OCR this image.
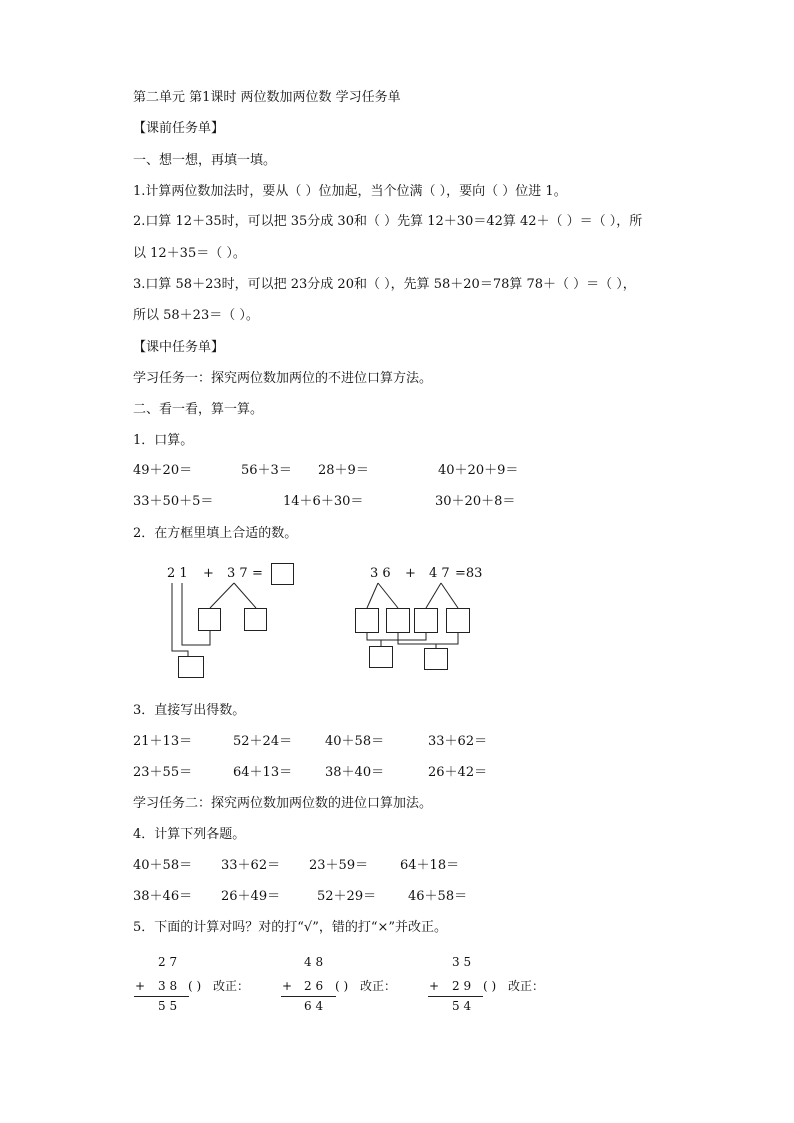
第二单元 第1课时 两位数加两位数 学习任务单
【课前任务单】
一、想一想，再填一填。
1.计算两位数加法时，要从（ ）位加起，当个位满（ ），要向（ ）位进 1。
2.口算 12＋35时，可以把 35分成 30和（ ）先算 12＋30＝42算 42＋（ ）＝（ ），所
以 12＋35＝（ ）。
3.口算 58＋23时，可以把 23分成 20和（ ），先算 58＋20＝78算 78＋（ ）＝（ ），
所以 58＋23＝（ ）。
【课中任务单】
学习任务一：探究两位数加两位的不进位口算方法。
二、看一看，算一算。
1．口算。
49＋20＝	56＋3＝ 28＋9＝	40＋20＋9＝
33＋50＋5＝	14＋6＋30＝	30＋20＋8＝
2．在方框里填上合适的数。
2 1 + 3 7 =	3 6 + 4 7 =83
3．直接写出得数。
21＋13＝	52＋24＝	40＋58＝	33＋62＝
23＋55＝	64＋13＝	38＋40＝	26＋42＝
学习任务二：探究两位数加两位数的进位口算加法。
4．计算下列各题。
40＋58＝ 33＋62＝ 23＋59＝ 64＋18＝
38＋46＝ 26＋49＝	52＋29＝ 46＋58＝
5．下面的计算对吗？对的打“√”，错的打“×”并改正。
2 7
+ 3 8 ( ) 改正：
5 5
4 8
+ 2 6 ( ) 改正：
6 4
3 5
+ 2 9 ( ) 改正：
5 4
